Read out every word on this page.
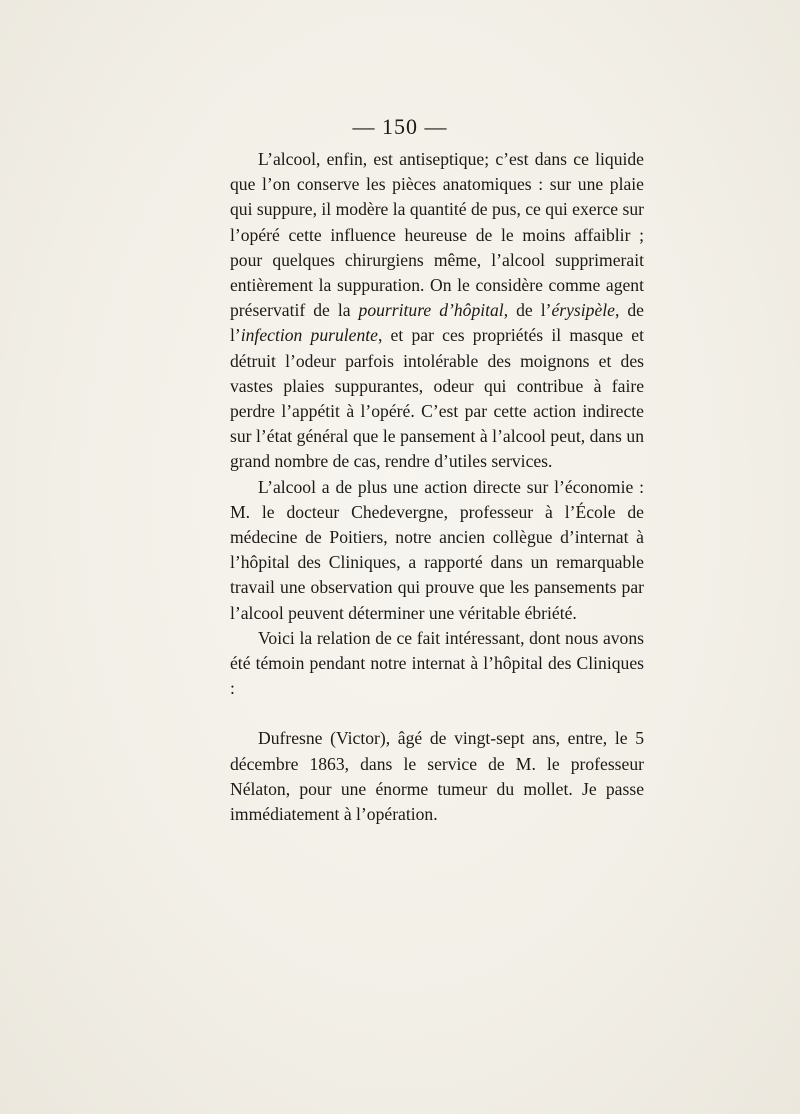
— 150 —

L’alcool, enfin, est antiseptique; c’est dans ce liquide que l’on conserve les pièces anatomiques : sur une plaie qui suppure, il modère la quantité de pus, ce qui exerce sur l’opéré cette influence heureuse de le moins affaiblir ; pour quelques chirurgiens même, l’alcool supprimerait entièrement la suppuration. On le considère comme agent préservatif de la pourriture d’hôpital, de l’érysipèle, de l’infection purulente, et par ces propriétés il masque et détruit l’odeur parfois intolérable des moignons et des vastes plaies suppurantes, odeur qui contribue à faire perdre l’appétit à l’opéré. C’est par cette action indirecte sur l’état général que le pansement à l’alcool peut, dans un grand nombre de cas, rendre d’utiles services.

L’alcool a de plus une action directe sur l’économie : M. le docteur Chedevergne, professeur à l’École de médecine de Poitiers, notre ancien collègue d’internat à l’hôpital des Cliniques, a rapporté dans un remarquable travail une observation qui prouve que les pansements par l’alcool peuvent déterminer une véritable ébriété.

Voici la relation de ce fait intéressant, dont nous avons été témoin pendant notre internat à l’hôpital des Cliniques :

Dufresne (Victor), âgé de vingt-sept ans, entre, le 5 décembre 1863, dans le service de M. le professeur Nélaton, pour une énorme tumeur du mollet. Je passe immédiatement à l’opération.
